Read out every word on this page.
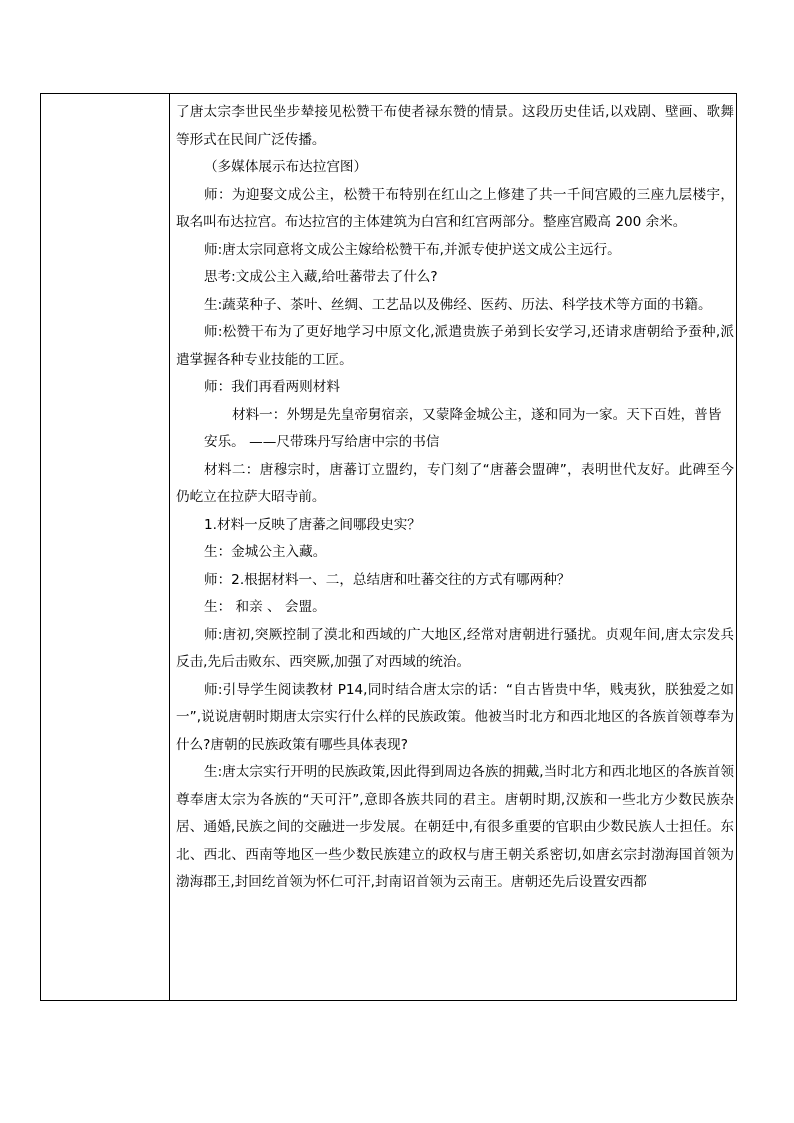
了唐太宗李世民坐步辇接见松赞干布使者禄东赞的情景。这段历史佳话,以戏剧、壁画、歌舞等形式在民间广泛传播。

（多媒体展示布达拉宫图）

师：为迎娶文成公主，松赞干布特别在红山之上修建了共一千间宫殿的三座九层楼宇，取名叫布达拉宫。布达拉宫的主体建筑为白宫和红宫两部分。整座宫殿高 200 余米。

师:唐太宗同意将文成公主嫁给松赞干布,并派专使护送文成公主远行。

思考:文成公主入藏,给吐蕃带去了什么?

生:蔬菜种子、茶叶、丝绸、工艺品以及佛经、医药、历法、科学技术等方面的书籍。

师:松赞干布为了更好地学习中原文化,派遣贵族子弟到长安学习,还请求唐朝给予蚕种,派遣掌握各种专业技能的工匠。

师：我们再看两则材料

材料一：外甥是先皇帝舅宿亲，又蒙降金城公主，遂和同为一家。天下百姓，普皆

安乐。 ——尺带珠丹写给唐中宗的书信

材料二：唐穆宗时，唐蕃订立盟约，专门刻了“唐蕃会盟碑”，表明世代友好。此碑至今仍屹立在拉萨大昭寺前。

1.材料一反映了唐蕃之间哪段史实？

生：金城公主入藏。

师：2.根据材料一、二，总结唐和吐蕃交往的方式有哪两种？

生： 和亲 、 会盟。

师:唐初,突厥控制了漠北和西域的广大地区,经常对唐朝进行骚扰。贞观年间,唐太宗发兵反击,先后击败东、西突厥,加强了对西域的统治。

师:引导学生阅读教材 P14,同时结合唐太宗的话：“自古皆贵中华，贱夷狄，朕独爱之如一”,说说唐朝时期唐太宗实行什么样的民族政策。他被当时北方和西北地区的各族首领尊奉为什么?唐朝的民族政策有哪些具体表现?

生:唐太宗实行开明的民族政策,因此得到周边各族的拥戴,当时北方和西北地区的各族首领尊奉唐太宗为各族的“天可汗”,意即各族共同的君主。唐朝时期,汉族和一些北方少数民族杂居、通婚,民族之间的交融进一步发展。在朝廷中,有很多重要的官职由少数民族人士担任。东北、西北、西南等地区一些少数民族建立的政权与唐王朝关系密切,如唐玄宗封渤海国首领为渤海郡王,封回纥首领为怀仁可汗,封南诏首领为云南王。唐朝还先后设置安西都
